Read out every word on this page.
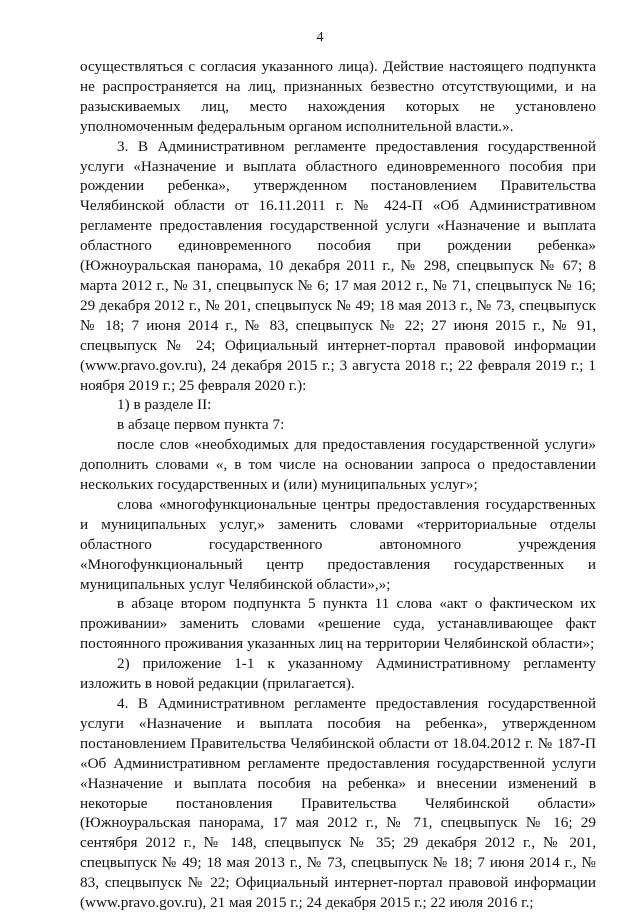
4

осуществляться с согласия указанного лица). Действие настоящего подпункта не распространяется на лиц, признанных безвестно отсутствующими, и на разыскиваемых лиц, место нахождения которых не установлено уполномоченным федеральным органом исполнительной власти.».

3. В Административном регламенте предоставления государственной услуги «Назначение и выплата областного единовременного пособия при рождении ребенка», утвержденном постановлением Правительства Челябинской области от 16.11.2011 г. № 424-П «Об Административном регламенте предоставления государственной услуги «Назначение и выплата областного единовременного пособия при рождении ребенка» (Южноуральская панорама, 10 декабря 2011 г., № 298, спецвыпуск № 67; 8 марта 2012 г., № 31, спецвыпуск № 6; 17 мая 2012 г., № 71, спецвыпуск № 16; 29 декабря 2012 г., № 201, спецвыпуск № 49; 18 мая 2013 г., № 73, спецвыпуск № 18; 7 июня 2014 г., № 83, спецвыпуск № 22; 27 июня 2015 г., № 91, спецвыпуск № 24; Официальный интернет-портал правовой информации (www.pravo.gov.ru), 24 декабря 2015 г.; 3 августа 2018 г.; 22 февраля 2019 г.; 1 ноября 2019 г.; 25 февраля 2020 г.):

1) в разделе II:

в абзаце первом пункта 7:

после слов «необходимых для предоставления государственной услуги» дополнить словами «, в том числе на основании запроса о предоставлении нескольких государственных и (или) муниципальных услуг»;

слова «многофункциональные центры предоставления государственных и муниципальных услуг,» заменить словами «территориальные отделы областного государственного автономного учреждения «Многофункциональный центр предоставления государственных и муниципальных услуг Челябинской области»,»;

в абзаце втором подпункта 5 пункта 11 слова «акт о фактическом их проживании» заменить словами «решение суда, устанавливающее факт постоянного проживания указанных лиц на территории Челябинской области»;

2) приложение 1-1 к указанному Административному регламенту изложить в новой редакции (прилагается).

4. В Административном регламенте предоставления государственной услуги «Назначение и выплата пособия на ребенка», утвержденном постановлением Правительства Челябинской области от 18.04.2012 г. № 187-П «Об Административном регламенте предоставления государственной услуги «Назначение и выплата пособия на ребенка» и внесении изменений в некоторые постановления Правительства Челябинской области» (Южноуральская панорама, 17 мая 2012 г., № 71, спецвыпуск № 16; 29 сентября 2012 г., № 148, спецвыпуск № 35; 29 декабря 2012 г., № 201, спецвыпуск № 49; 18 мая 2013 г., № 73, спецвыпуск № 18; 7 июня 2014 г., № 83, спецвыпуск № 22; Официальный интернет-портал правовой информации (www.pravo.gov.ru), 21 мая 2015 г.; 24 декабря 2015 г.; 22 июля 2016 г.;
